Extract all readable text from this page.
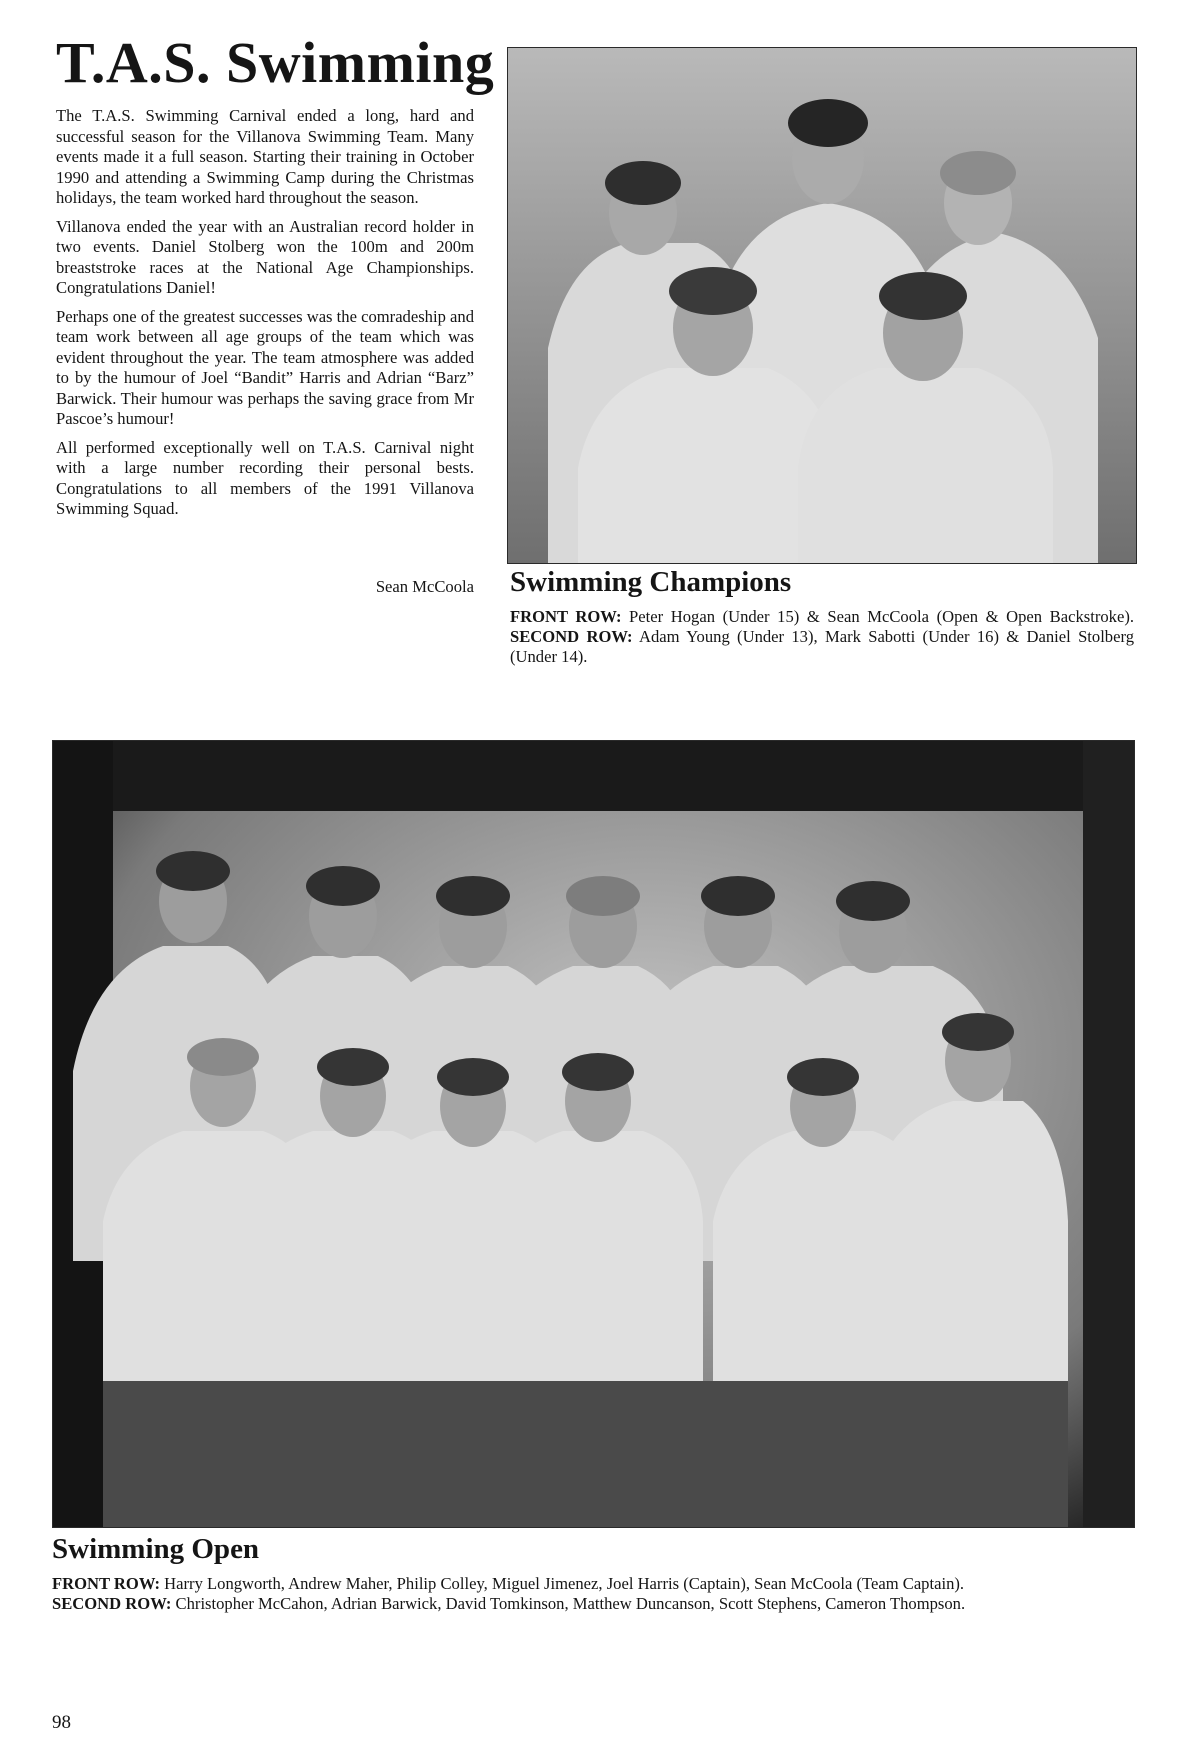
T.A.S. Swimming

The T.A.S. Swimming Carnival ended a long, hard and successful season for the Villanova Swimming Team. Many events made it a full season. Starting their training in October 1990 and attending a Swimming Camp during the Christmas holidays, the team worked hard throughout the season.

Villanova ended the year with an Australian record holder in two events. Daniel Stolberg won the 100m and 200m breaststroke races at the National Age Championships. Congratulations Daniel!

Perhaps one of the greatest successes was the comradeship and team work between all age groups of the team which was evident throughout the year. The team atmosphere was added to by the humour of Joel “Bandit” Harris and Adrian “Barz” Barwick. Their humour was perhaps the saving grace from Mr Pascoe’s humour!

All performed exceptionally well on T.A.S. Carnival night with a large number recording their personal bests. Congratulations to all members of the 1991 Villanova Swimming Squad.

Sean McCoola Swimming Champions
FRONT ROW: Peter Hogan (Under 15) & Sean McCoola (Open & Open Backstroke). SECOND ROW: Adam Young (Under 13), Mark Sabotti (Under 16) & Daniel Stolberg (Under 14).
Swimming Open
FRONT ROW: Harry Longworth, Andrew Maher, Philip Colley, Miguel Jimenez, Joel Harris (Captain), Sean McCoola (Team Captain).
SECOND ROW: Christopher McCahon, Adrian Barwick, David Tomkinson, Matthew Duncanson, Scott Stephens, Cameron Thompson.
98
